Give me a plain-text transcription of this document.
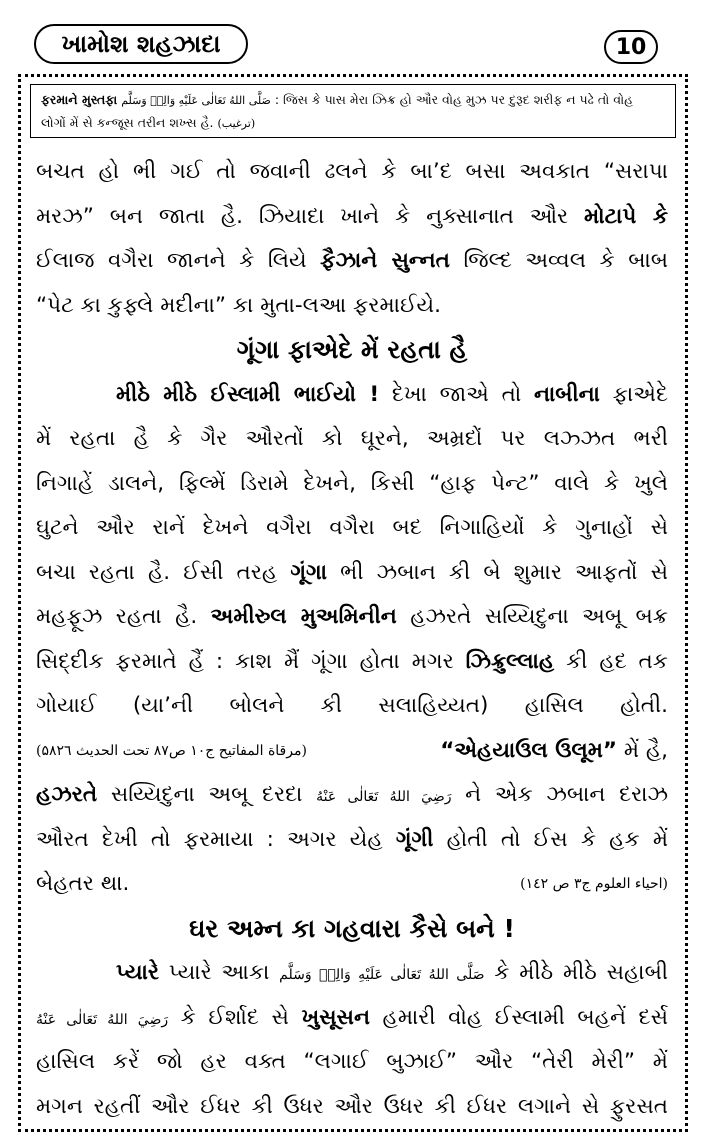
ખામોશ શહઝાદા	10
ફરમાને મુસ્તફા صَلَّى اللهُ تَعَالٰى عَلَيْهِ وَالِهٖ وَسَلَّم : જિસ કે પાસ મેરા ઝિક્ર હો ઔર વોહ મુઝ પર દુરૂદ શરીફ ન પઢે તો વોહ
લોગોં મેં સે કન્જૂસ તરીન શખ્સ હૈ. (ترغيب)
બચત હો ભી ગઈ તો જવાની ઢલને કે બા’દ બસા અવકાત “સરાપા
મરઝ” બન જાતા હૈ. ઝિયાદા ખાને કે નુક્સાનાત ઔર મોટાપે કે
ઈલાજ વગૈરા જાનને કે લિયે ફૈઝાને સુન્નત જિલ્દ અવ્વલ કે બાબ
“પેટ કા કુફ્લે મદીના” કા મુતા-લઆ ફરમાઈયે.
ગૂંગા ફાએદે મેં રહતા હૈ
મીઠે મીઠે ઈસ્લામી ભાઈયો ! દેખા જાએ તો નાબીના ફાએદે
મેં રહતા હૈ કે ગૈર ઔરતોં કો ઘૂરને, અમ્રદોં પર લઝ્ઝત ભરી
નિગાહેં ડાલને, ફિલ્મેં ડિરામે દેખને, કિસી “હાફ પેન્ટ” વાલે કે ખુલે
ઘુટને ઔર રાનેં દેખને વગૈરા વગૈરા બદ નિગાહિયોં કે ગુનાહોં સે
બચા રહતા હૈ. ઈસી તરહ ગૂંગા ભી ઝબાન કી બે શુમાર આફતોં સે
મહફૂઝ રહતા હૈ. અમીરુલ મુઅમિનીન હઝરતે સય્યિદુના અબૂ બક્ર
સિદ્દીક ફરમાતે હૈં : કાશ મૈં ગૂંગા હોતા મગર ઝિક્રુલ્લાહ કી હદ તક
ગોયાઈ (યા’ની બોલને કી સલાહિય્યત) હાસિલ હોતી.
(مرقاة المفاتيح ج۱۰ ص۸۷ تحت الحديث ۵۸۲٦)	“એહયાઉલ ઉલૂમ” મેં હૈ,
હઝરતે સય્યિદુના અબૂ દરદા رَضِيَ اللهُ تَعَالٰى عَنْهُ ને એક ઝબાન દરાઝ
ઔરત દેખી તો ફરમાયા : અગર યેહ ગૂંગી હોતી તો ઈસ કે હક મેં
બેહતર થા.	(احياء العلوم ج٣ ص ١٤٢)
ઘર અમ્ન કા ગહવારા કૈસે બને !
પ્યારે પ્યારે આકા صَلَّى اللهُ تَعَالٰى عَلَيْهِ وَالِهٖ وَسَلَّم કે મીઠે મીઠે સહાબી
رَضِيَ اللهُ تَعَالٰى عَنْهُ કે ઈર્શાદ સે ખુસૂસન હમારી વોહ ઈસ્લામી બહનેં દર્સ
હાસિલ કરેં જો હર વક્ત “લગાઈ બુઝાઈ” ઔર “તેરી મેરી” મેં
મગન રહતીં ઔર ઈધર કી ઉધર ઔર ઉધર કી ઈધર લગાને સે ફુરસત
